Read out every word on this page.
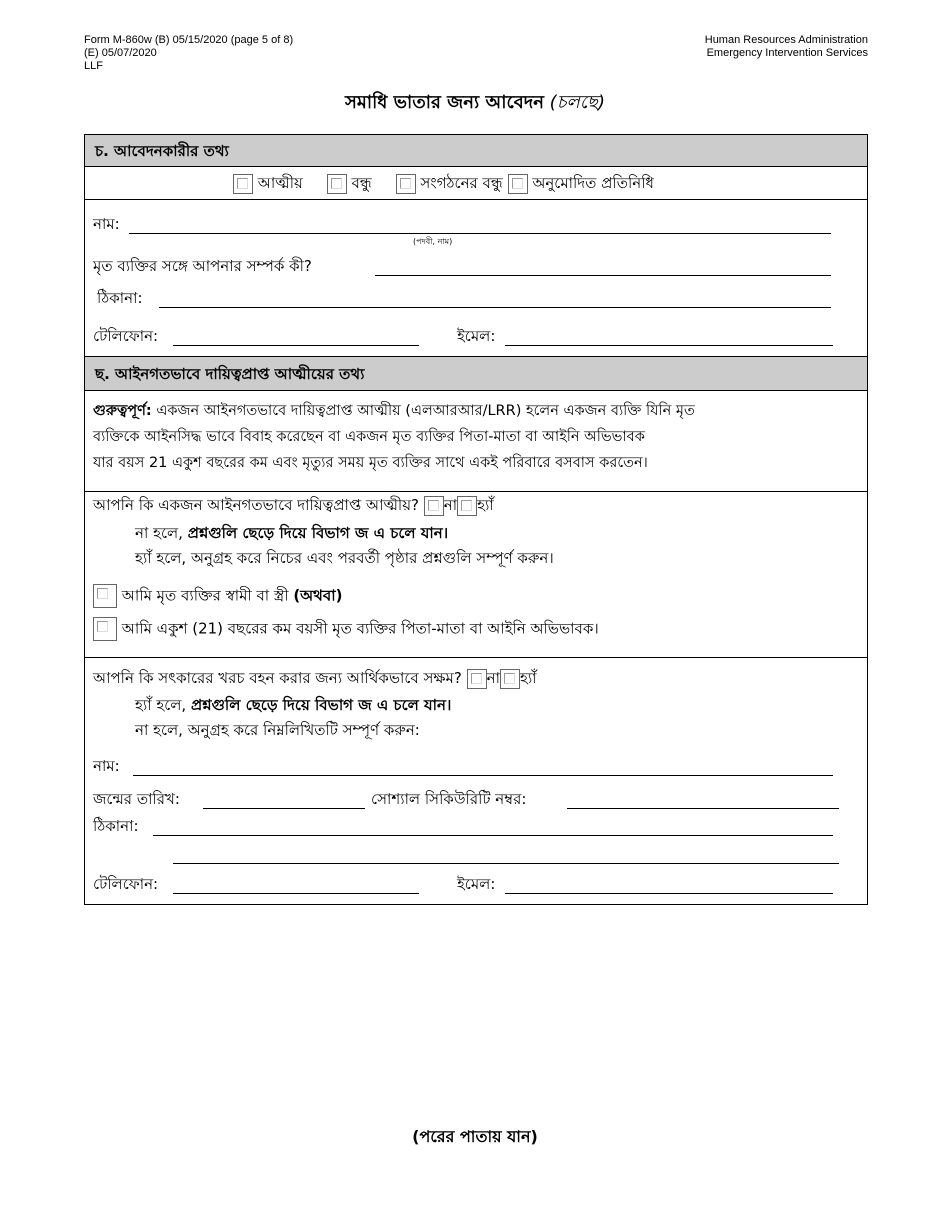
Form M-860w (B) 05/15/2020 (page 5 of 8)
(E) 05/07/2020
LLF
Human Resources Administration
Emergency Intervention Services
সমাধি ভাতার জন্য আবেদন (চলছে)
চ. আবেদনকারীর তথ্য
আত্মীয়	বন্ধু	সংগঠনের বন্ধু অনুমোদিত প্রতিনিধি
নাম:
(পদবী, নাম)
মৃত ব্যক্তির সঙ্গে আপনার সম্পর্ক কী?
ঠিকানা:
টেলিফোন:	ইমেল:
ছ. আইনগতভাবে দায়িত্বপ্রাপ্ত আত্মীয়ের তথ্য
গুরুত্বপূর্ণ: একজন আইনগতভাবে দায়িত্বপ্রাপ্ত আত্মীয় (এলআরআর/LRR) হলেন একজন ব্যক্তি যিনি মৃত
ব্যক্তিকে আইনসিদ্ধ ভাবে বিবাহ করেছেন বা একজন মৃত ব্যক্তির পিতা-মাতা বা আইনি অভিভাবক
যার বয়স 21 একুশ বছরের কম এবং মৃত্যুর সময় মৃত ব্যক্তির সাথে একই পরিবারে বসবাস করতেন।
আপনি কি একজন আইনগতভাবে দায়িত্বপ্রাপ্ত আত্মীয়? না হ্যাঁ
না হলে, প্রশ্নগুলি ছেড়ে দিয়ে বিভাগ জ এ চলে যান।
হ্যাঁ হলে, অনুগ্রহ করে নিচের এবং পরবর্তী পৃষ্ঠার প্রশ্নগুলি সম্পূর্ণ করুন।
আমি মৃত ব্যক্তির স্বামী বা স্ত্রী (অথবা)
আমি একুশ (21) বছরের কম বয়সী মৃত ব্যক্তির পিতা-মাতা বা আইনি অভিভাবক।
আপনি কি সৎকারের খরচ বহন করার জন্য আর্থিকভাবে সক্ষম? না হ্যাঁ
হ্যাঁ হলে, প্রশ্নগুলি ছেড়ে দিয়ে বিভাগ জ এ চলে যান।
না হলে, অনুগ্রহ করে নিম্নলিখিতটি সম্পূর্ণ করুন:
নাম:
জন্মের তারিখ:	সোশ্যাল সিকিউরিটি নম্বর:
ঠিকানা:
টেলিফোন:	ইমেল:
(পরের পাতায় যান)
